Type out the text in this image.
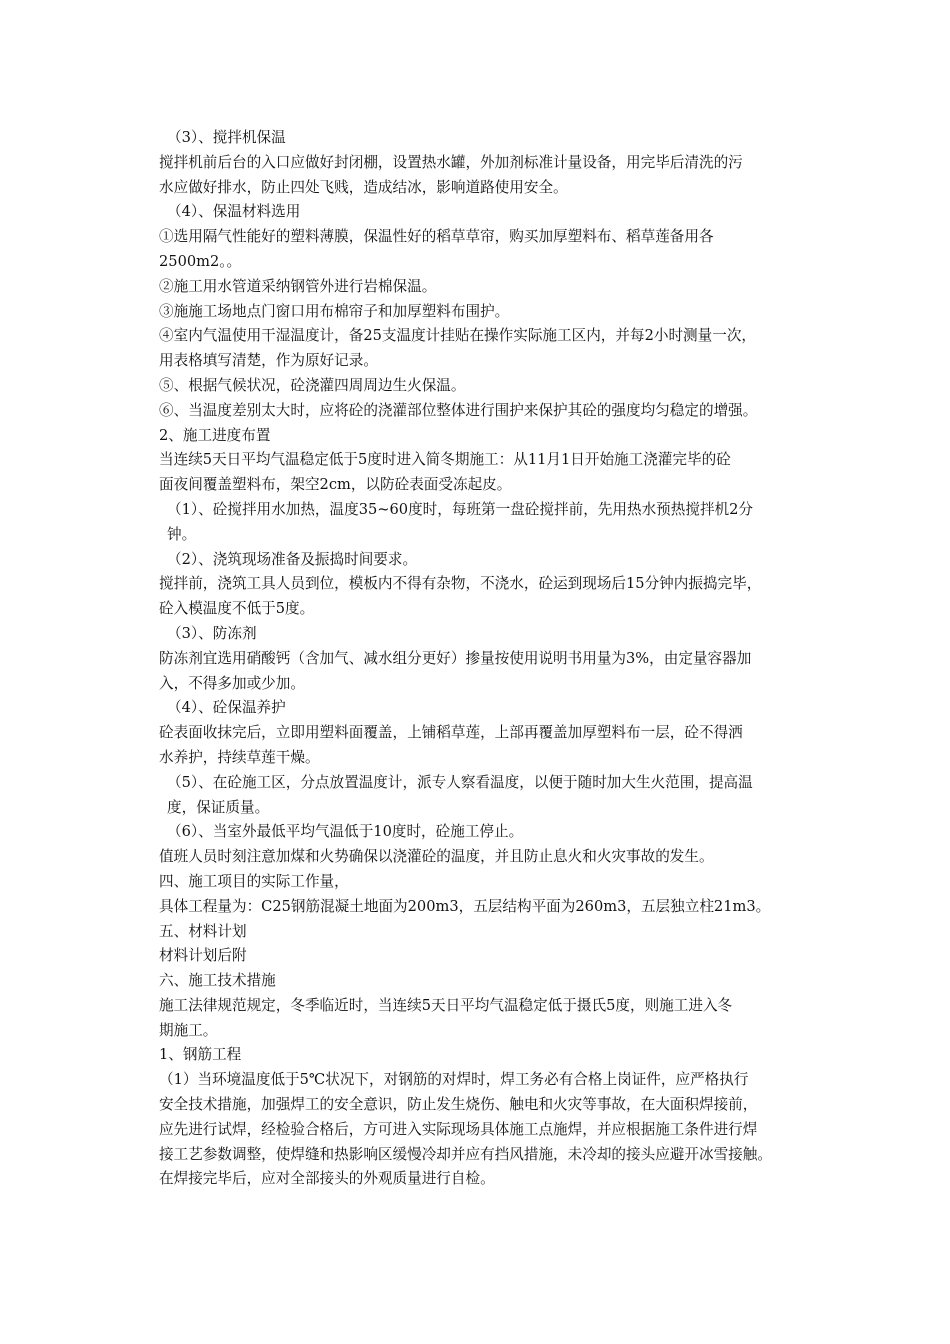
（3）、搅拌机保温
搅拌机前后台的入口应做好封闭棚，设置热水罐，外加剂标准计量设备，用完毕后清洗的污
水应做好排水，防止四处飞贱，造成结冰，影响道路使用安全。
（4）、保温材料选用
①选用隔气性能好的塑料薄膜，保温性好的稻草草帘，购买加厚塑料布、稻草莲备用各
2500m2。。
②施工用水管道采纳钢管外进行岩棉保温。
③施施工场地点门窗口用布棉帘子和加厚塑料布围护。
④室内气温使用干湿温度计，备25支温度计挂贴在操作实际施工区内，并每2小时测量一次，
用表格填写清楚，作为原好记录。
⑤、根据气候状况，砼浇灌四周周边生火保温。
⑥、当温度差别太大时，应将砼的浇灌部位整体进行围护来保护其砼的强度均匀稳定的增强。
2、施工进度布置
当连续5天日平均气温稳定低于5度时进入简冬期施工：从11月1日开始施工浇灌完毕的砼
面夜间覆盖塑料布，架空2cm，以防砼表面受冻起皮。
（1）、砼搅拌用水加热，温度35~60度时，每班第一盘砼搅拌前，先用热水预热搅拌机2分
钟。
（2）、浇筑现场准备及振捣时间要求。
搅拌前，浇筑工具人员到位，模板内不得有杂物，不浇水，砼运到现场后15分钟内振捣完毕，
砼入模温度不低于5度。
（3）、防冻剂
防冻剂宜选用硝酸钙（含加气、减水组分更好）掺量按使用说明书用量为3%，由定量容器加
入，不得多加或少加。
（4）、砼保温养护
砼表面收抹完后，立即用塑料面覆盖，上铺稻草莲，上部再覆盖加厚塑料布一层，砼不得洒
水养护，持续草莲干燥。
（5）、在砼施工区，分点放置温度计，派专人察看温度，以便于随时加大生火范围，提高温
度，保证质量。
（6）、当室外最低平均气温低于10度时，砼施工停止。
值班人员时刻注意加煤和火势确保以浇灌砼的温度，并且防止息火和火灾事故的发生。
四、施工项目的实际工作量，
具体工程量为：C25钢筋混凝土地面为200m3，五层结构平面为260m3，五层独立柱21m3。
五、材料计划
材料计划后附
六、施工技术措施
施工法律规范规定，冬季临近时，当连续5天日平均气温稳定低于摄氏5度，则施工进入冬
期施工。
1、钢筋工程
（1）当环境温度低于5℃状况下，对钢筋的对焊时，焊工务必有合格上岗证件，应严格执行
安全技术措施，加强焊工的安全意识，防止发生烧伤、触电和火灾等事故，在大面积焊接前，
应先进行试焊，经检验合格后，方可进入实际现场具体施工点施焊，并应根据施工条件进行焊
接工艺参数调整，使焊缝和热影响区缓慢冷却并应有挡风措施，未冷却的接头应避开冰雪接触。
在焊接完毕后，应对全部接头的外观质量进行自检。
